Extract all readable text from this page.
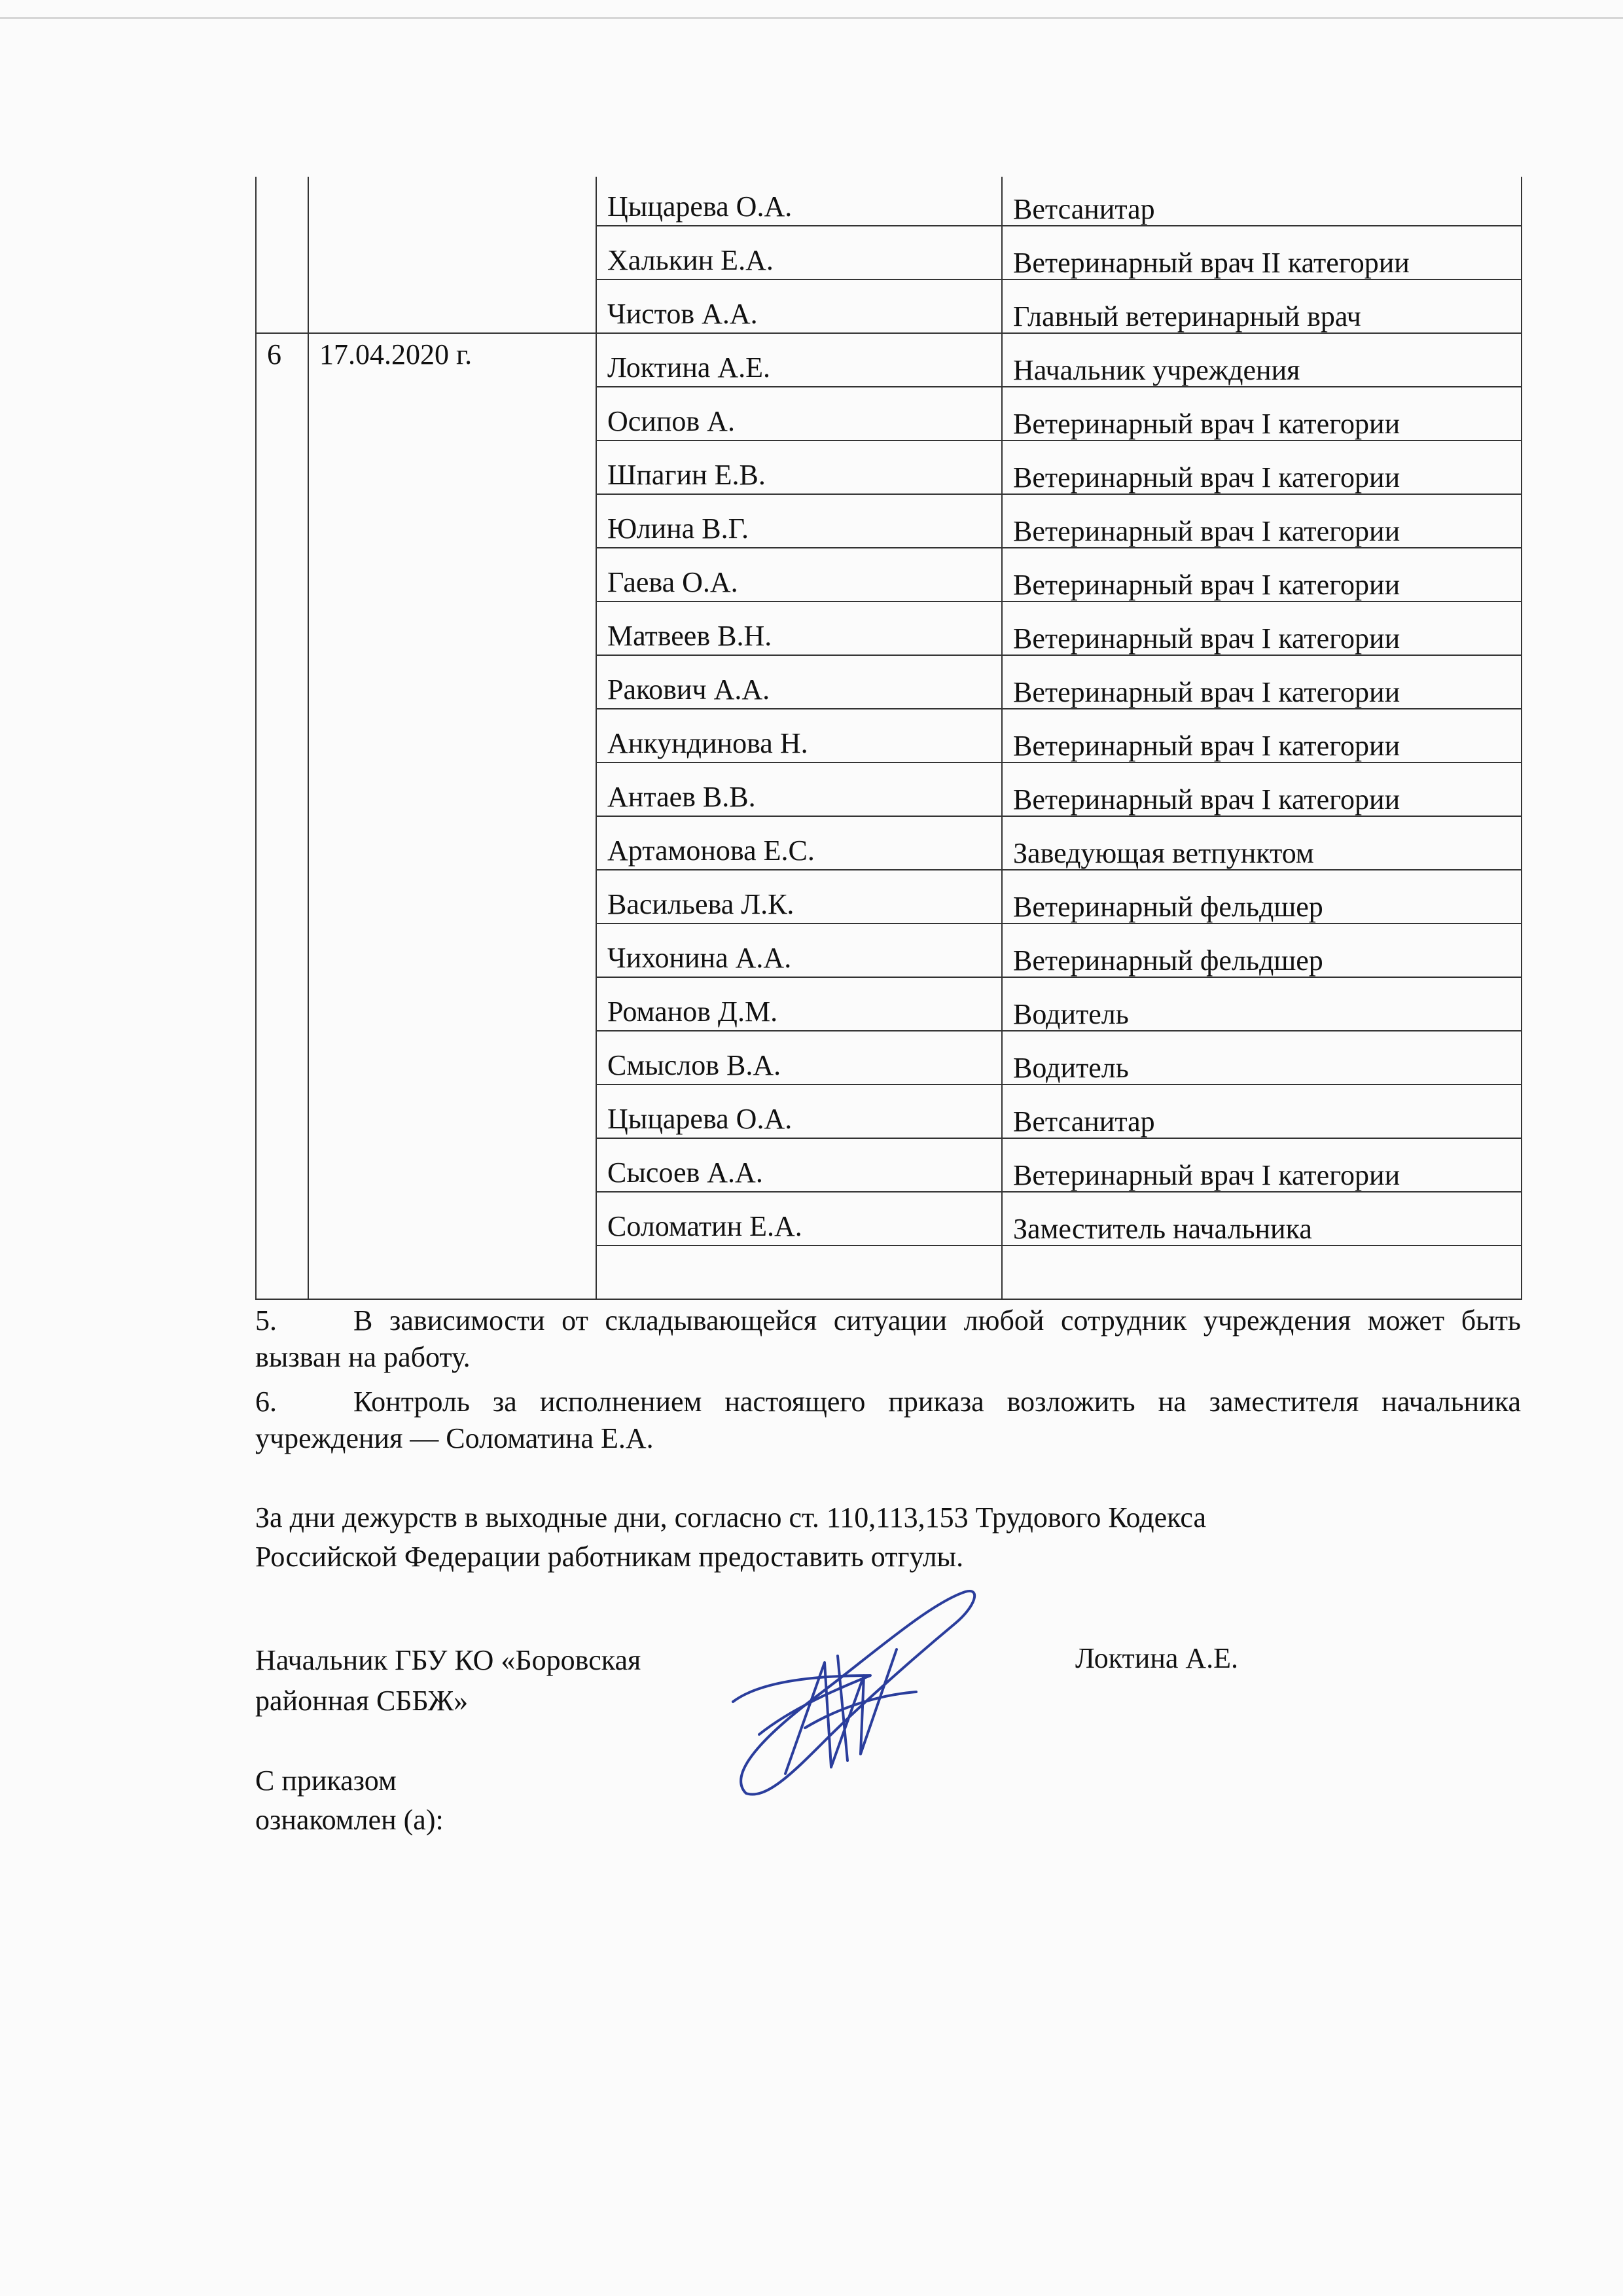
		Цыцарева О.А.	Ветсанитар
		Халькин Е.А.	Ветеринарный врач II категории
		Чистов А.А.	Главный ветеринарный врач
6	17.04.2020 г.	Локтина А.Е.	Начальник учреждения
		Осипов А.	Ветеринарный врач I категории
		Шпагин Е.В.	Ветеринарный врач I категории
		Юлина В.Г.	Ветеринарный врач I категории
		Гаева О.А.	Ветеринарный врач I категории
		Матвеев В.Н.	Ветеринарный врач I категории
		Ракович А.А.	Ветеринарный врач I категории
		Анкундинова Н.	Ветеринарный врач I категории
		Антаев В.В.	Ветеринарный врач I категории
		Артамонова Е.С.	Заведующая ветпунктом
		Васильева Л.К.	Ветеринарный фельдшер
		Чихонина А.А.	Ветеринарный фельдшер
		Романов Д.М.	Водитель
		Смыслов В.А.	Водитель
		Цыцарева О.А.	Ветсанитар
		Сысоев А.А.	Ветеринарный врач I категории
		Соломатин Е.А.	Заместитель начальника

5.	В зависимости от складывающейся ситуации любой сотрудник учреждения может быть вызван на работу.
6.	Контроль за исполнением настоящего приказа возложить на заместителя начальника учреждения — Соломатина Е.А.
За дни дежурств в выходные дни, согласно ст. 110,113,153 Трудового Кодекса
Российской Федерации работникам предоставить отгулы.
Начальник ГБУ КО «Боровская
районная СББЖ»
Локтина А.Е.
С приказом
ознакомлен (а):
